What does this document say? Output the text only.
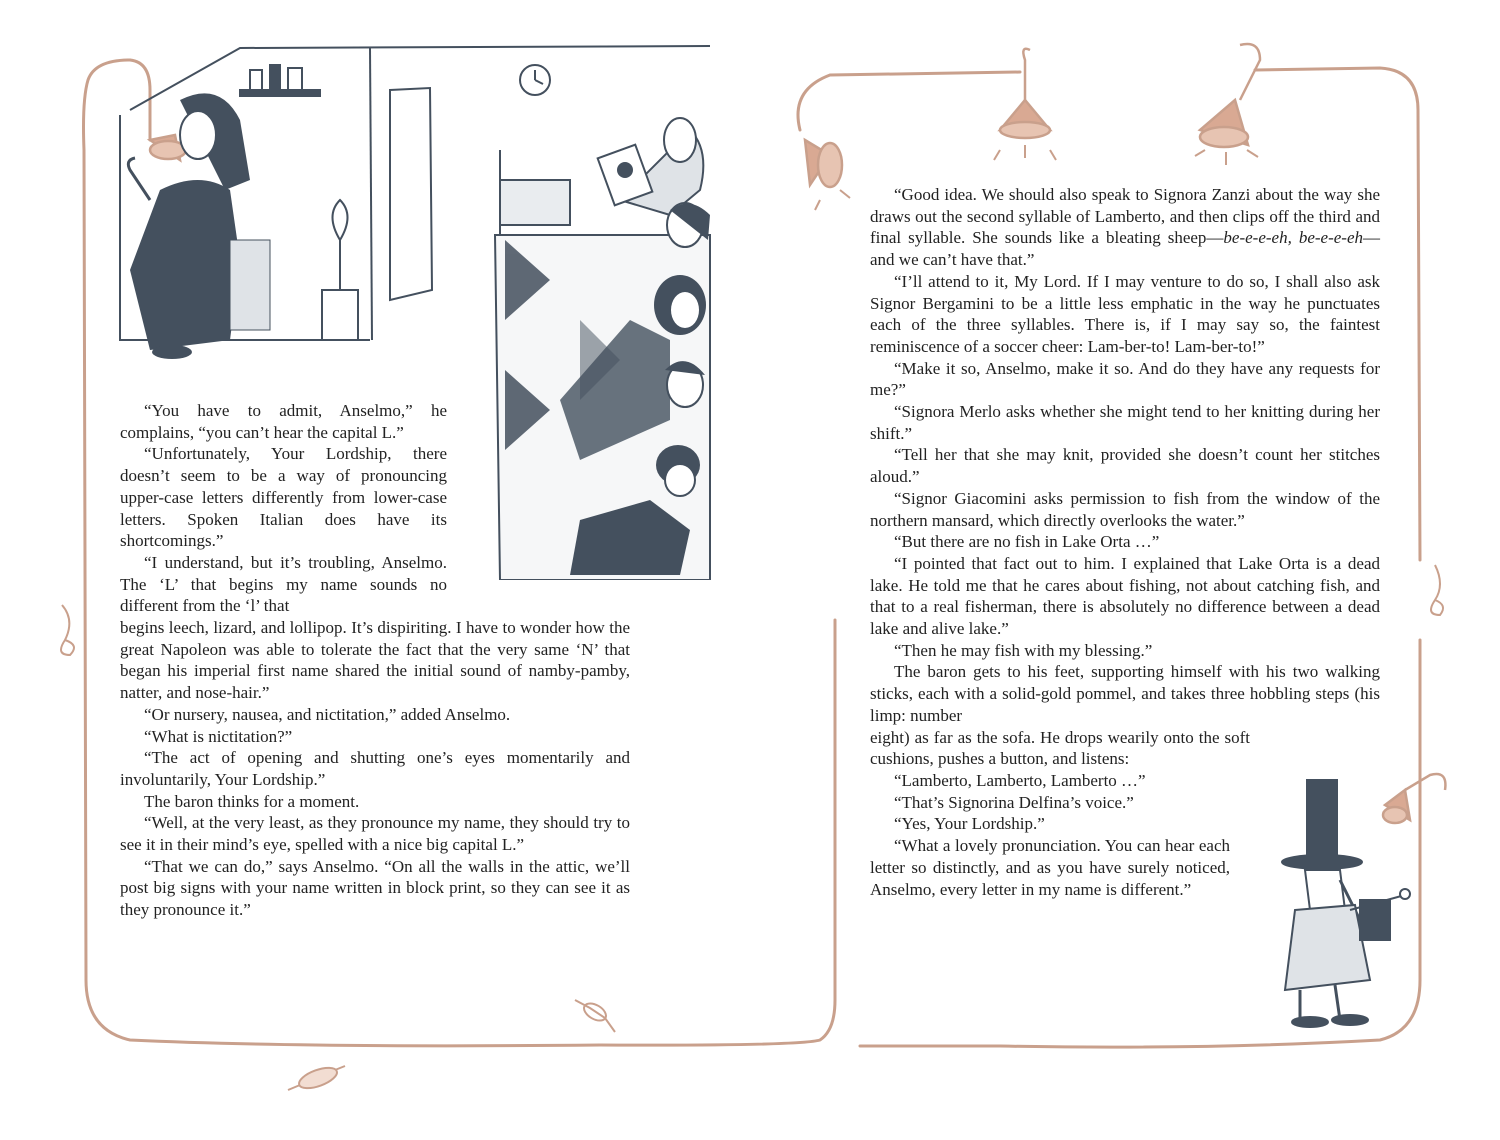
“You have to admit, Anselmo,” he complains, “you can’t hear the capital L.”

“Unfortunately, Your Lordship, there doesn’t seem to be a way of pronouncing upper-case letters differently from lower-case letters. Spoken Italian does have its shortcomings.”

“I understand, but it’s troubling, Anselmo. The ‘L’ that begins my name sounds no different from the ‘l’ that

begins leech, lizard, and lollipop. It’s dispiriting. I have to wonder how the great Napoleon was able to tolerate the fact that the very same ‘N’ that began his imperial first name shared the initial sound of namby-pamby, natter, and nose-hair.”

“Or nursery, nausea, and nictitation,” added Anselmo.

“What is nictitation?”

“The act of opening and shutting one’s eyes momentarily and involuntarily, Your Lordship.”

The baron thinks for a moment.

“Well, at the very least, as they pronounce my name, they should try to see it in their mind’s eye, spelled with a nice big capital L.”

“That we can do,” says Anselmo. “On all the walls in the attic, we’ll post big signs with your name written in block print, so they can see it as they pronounce it.”

“Good idea. We should also speak to Signora Zanzi about the way she draws out the second syllable of Lamberto, and then clips off the third and final syllable. She sounds like a bleating sheep—be-e-e-eh, be-e-e-eh—and we can’t have that.”

“I’ll attend to it, My Lord. If I may venture to do so, I shall also ask Signor Bergamini to be a little less emphatic in the way he punctuates each of the three syllables. There is, if I may say so, the faintest reminiscence of a soccer cheer: Lam-ber-to! Lam-ber-to!”

“Make it so, Anselmo, make it so. And do they have any requests for me?”

“Signora Merlo asks whether she might tend to her knitting during her shift.”

“Tell her that she may knit, provided she doesn’t count her stitches aloud.”

“Signor Giacomini asks permission to fish from the window of the northern mansard, which directly overlooks the water.”

“But there are no fish in Lake Orta …”

“I pointed that fact out to him. I explained that Lake Orta is a dead lake. He told me that he cares about fishing, not about catching fish, and that to a real fisherman, there is absolutely no difference between a dead lake and alive lake.”

“Then he may fish with my blessing.”

The baron gets to his feet, supporting himself with his two walking sticks, each with a solid-gold pommel, and takes three hobbling steps (his limp: number

eight) as far as the sofa. He drops wearily onto the soft cushions, pushes a button, and listens:

“Lamberto, Lamberto, Lamberto …”

“That’s Signorina Delfina’s voice.”

“Yes, Your Lordship.”

“What a lovely pronunciation. You can hear each letter so distinctly, and as you have surely noticed, Anselmo, every letter in my name is different.”
